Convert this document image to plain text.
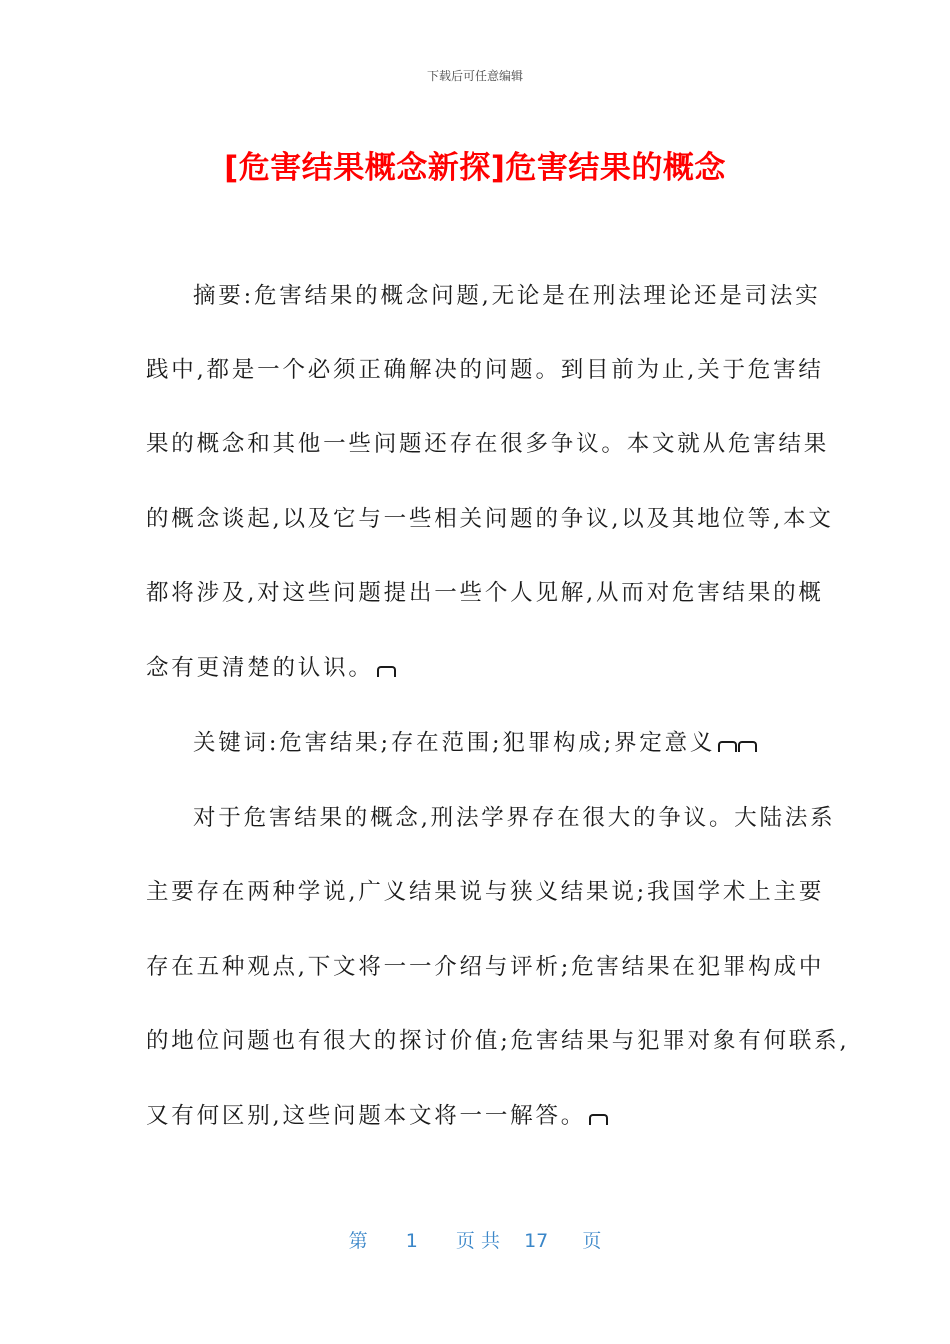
下载后可任意编辑
[危害结果概念新探]危害结果的概念
摘要:危害结果的概念问题,无论是在刑法理论还是司法实
践中,都是一个必须正确解决的问题。到目前为止,关于危害结
果的概念和其他一些问题还存在很多争议。本文就从危害结果
的概念谈起,以及它与一些相关问题的争议,以及其地位等,本文
都将涉及,对这些问题提出一些个人见解,从而对危害结果的概
念有更清楚的认识。
关键词:危害结果;存在范围;犯罪构成;界定意义
对于危害结果的概念,刑法学界存在很大的争议。大陆法系
主要存在两种学说,广义结果说与狭义结果说;我国学术上主要
存在五种观点,下文将一一介绍与评析;危害结果在犯罪构成中
的地位问题也有很大的探讨价值;危害结果与犯罪对象有何联系,
又有何区别,这些问题本文将一一解答。
第 1 页 共 17 页
